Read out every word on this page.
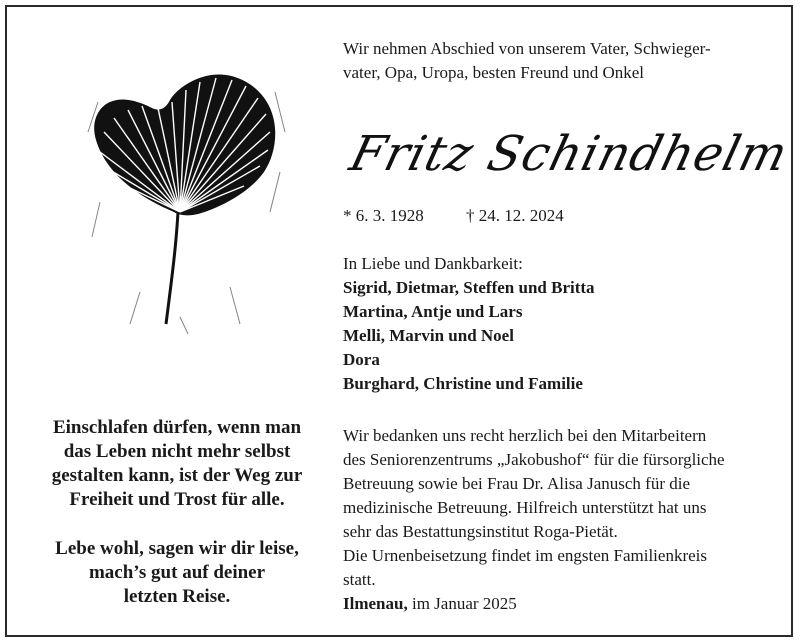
Wir nehmen Abschied von unserem Vater, Schwieger-
vater, Opa, Uropa, besten Freund und Onkel
Fritz Schindhelm
* 6. 3. 1928 † 24. 12. 2024
In Liebe und Dankbarkeit:
Sigrid, Dietmar, Steffen und Britta
Martina, Antje und Lars
Melli, Marvin und Noel
Dora
Burghard, Christine und Familie
Wir bedanken uns recht herzlich bei den Mitarbeitern
des Seniorenzentrums „Jakobushof“ für die fürsorgliche
Betreuung sowie bei Frau Dr. Alisa Janusch für die
medizinische Betreuung. Hilfreich unterstützt hat uns
sehr das Bestattungsinstitut Roga-Pietät.
Die Urnenbeisetzung findet im engsten Familienkreis
statt.
Ilmenau, im Januar 2025
Einschlafen dürfen, wenn man
das Leben nicht mehr selbst
gestalten kann, ist der Weg zur
Freiheit und Trost für alle.
Lebe wohl, sagen wir dir leise,
mach’s gut auf deiner
letzten Reise.
